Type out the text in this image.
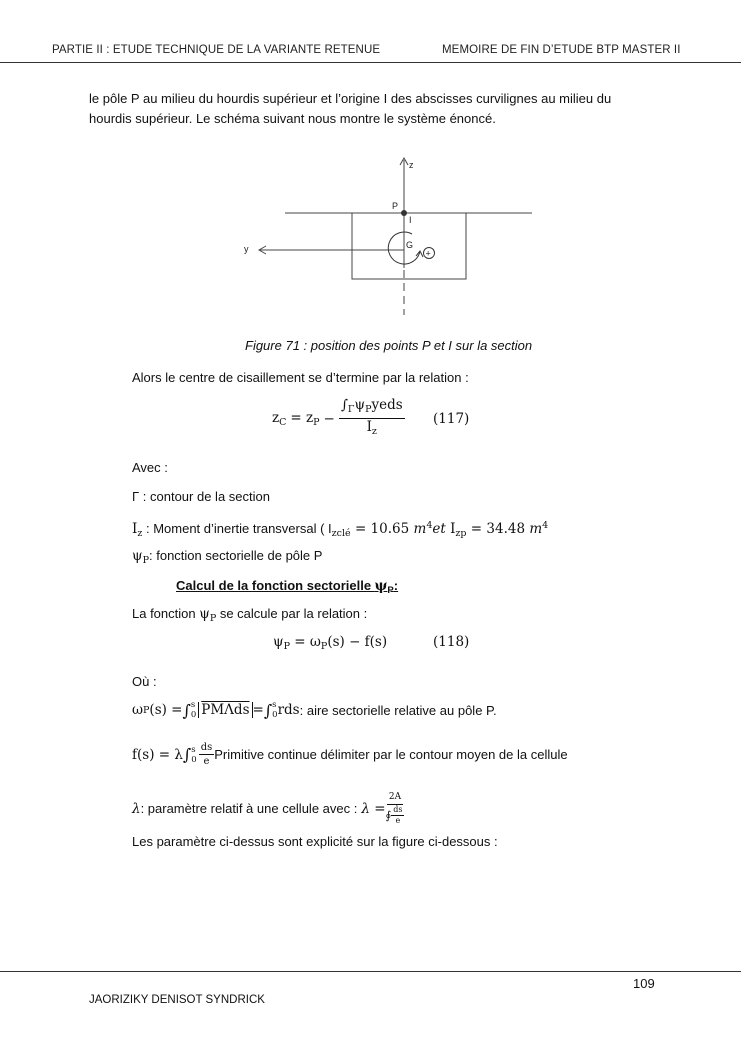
PARTIE II : ETUDE TECHNIQUE DE LA VARIANTE RETENUE	MEMOIRE DE FIN D’ETUDE BTP MASTER II
le pôle P au milieu du hourdis supérieur et l’origine I des abscisses curvilignes au milieu du
hourdis supérieur. Le schéma suivant nous montre le système énoncé.
z
y
P
I
G
+
Figure 71 : position des points P et I sur la section
Alors le centre de cisaillement se d’termine par la relation :
$z_C = z_P - \frac{\int_\Gamma\psi_Pyeds}{I_z} (117)$
Avec :
Γ : contour de la section
$I_z$ : Moment d’inertie transversal ( $I_{zclé} = 10.65$ $m^4et$ $I_{zp} = 34.48$ $m^4$
$\psi_P$: fonction sectorielle de pôle P
Calcul de la fonction sectorielle $\psi_P$:
La fonction $\psi_P$ se calcule par la relation :
$\psi_P = \omega_P(s) - f(s)$	(118)
Où :
ω P (s) = ∫ s
0 PMΛds = ∫ s
0 rds : aire sectorielle relative au pôle P.
f(s) = λ ∫ s
$0 \frac{ds}{e}$ Primitive continue délimiter par le contour moyen de la cellule
λ : paramètre relatif à une cellule avec : $\lambda = \frac{2A}{∮ \frac{ds}{e}}$
Les paramètre ci-dessus sont explicité sur la figure ci-dessous :
109
JAORIZIKY DENISOT SYNDRICK
